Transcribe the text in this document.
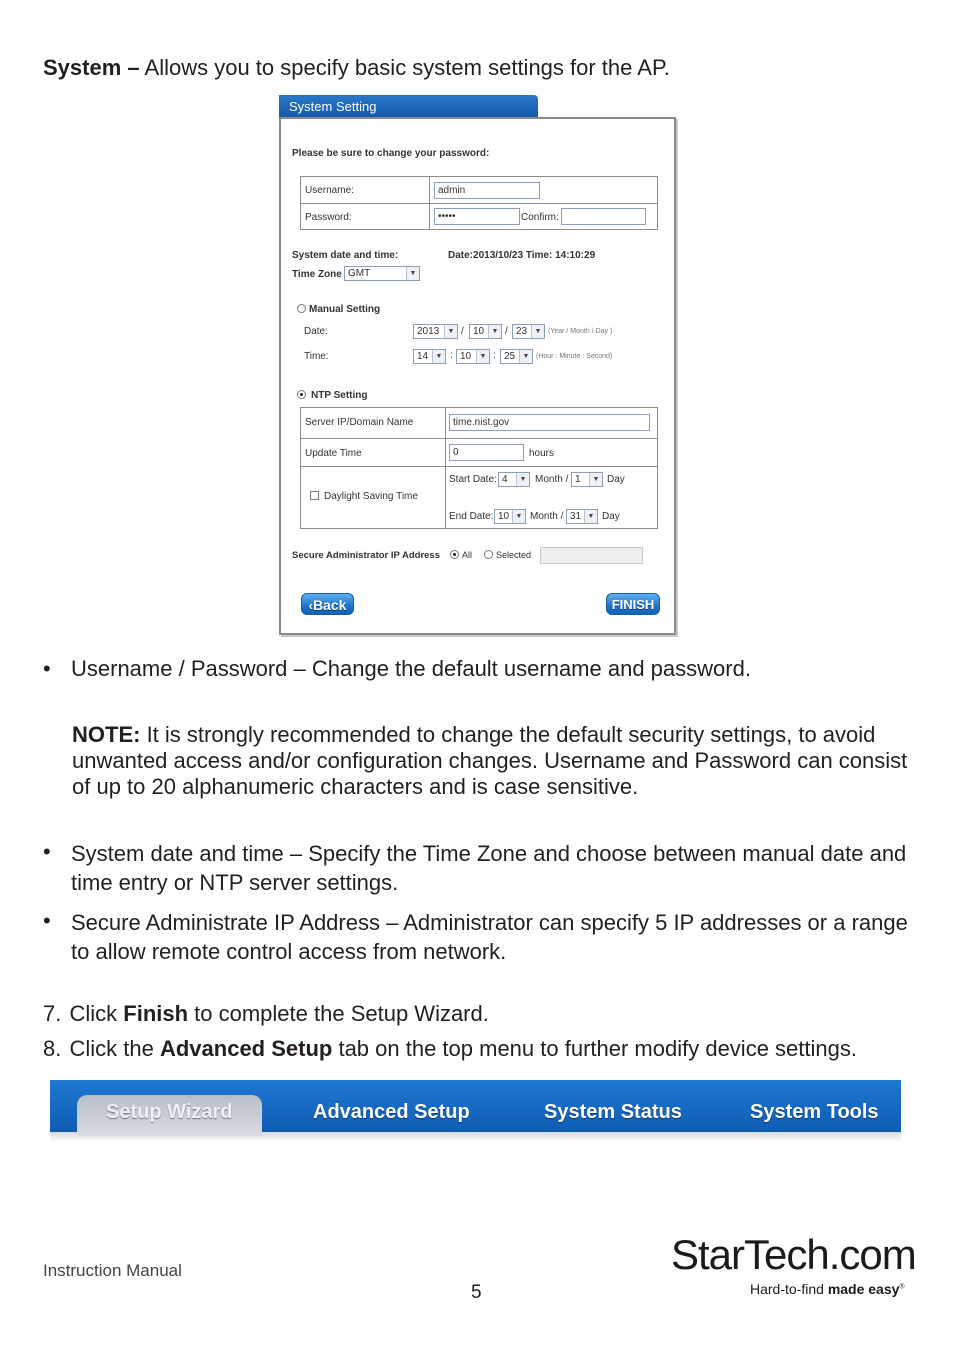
System – Allows you to specify basic system settings for the AP.
System Setting
Please be sure to change your password:
Username:	admin
Password:	•••••	Confirm:
System date and time:	Date:2013/10/23 Time: 14:10:29
Time Zone GMT	▼
Manual Setting
Date:	2013	▼ / 10	▼ / 23	▼ (Year / Month / Day )
Time:	14	▼ : 10	▼ : 25	▼ (Hour : Minute : Second)
NTP Setting
Server IP/Domain Name	time.nist.gov
Update Time	0	hours
Daylight Saving Time
Start Date: 4	▼ Month / 1	▼ Day
End Date: 10 ▼ Month / 31 ▼ Day
Secure Administrator IP Address All	Selected
‹Back	FINISH
• Username / Password – Change the default username and password.
NOTE: It is strongly recommended to change the default security settings, to avoid unwanted access and/or configuration changes. Username and Password can consist of up to 20 alphanumeric characters and is case sensitive.
• System date and time – Specify the Time Zone and choose between manual date and time entry or NTP server settings.
• Secure Administrate IP Address – Administrator can specify 5 IP addresses or a range to allow remote control access from network.
7. Click Finish to complete the Setup Wizard.
8. Click the Advanced Setup tab on the top menu to further modify device settings.
Setup Wizard	Advanced Setup	System Status	System Tools
Instruction Manual
5
StarTech.com
Hard-to-find made easy®
